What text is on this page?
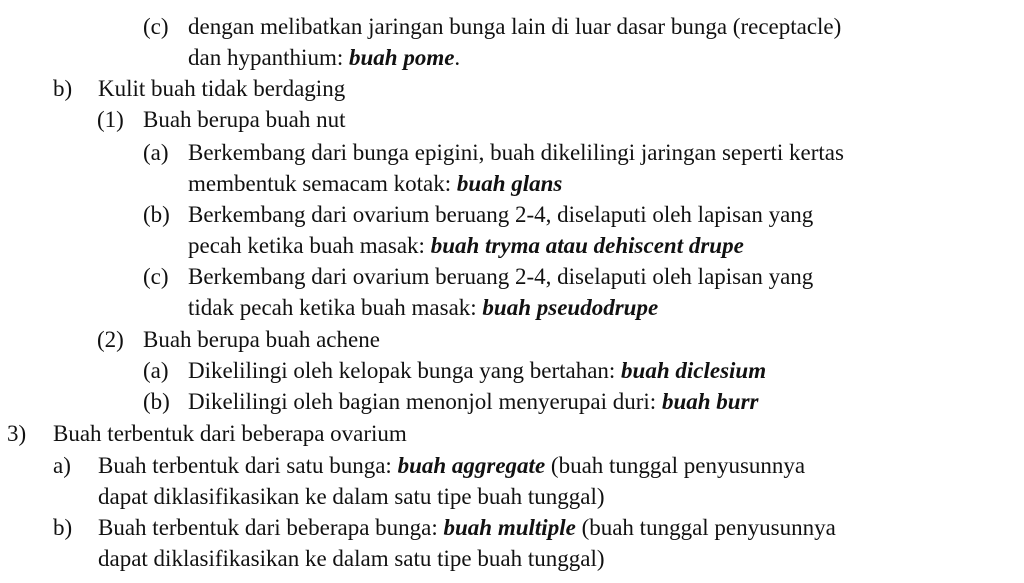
(c) dengan melibatkan jaringan bunga lain di luar dasar bunga (receptacle)
dan hypanthium: buah pome.
b) Kulit buah tidak berdaging
(1) Buah berupa buah nut
(a) Berkembang dari bunga epigini, buah dikelilingi jaringan seperti kertas
membentuk semacam kotak: buah glans
(b) Berkembang dari ovarium beruang 2-4, diselaputi oleh lapisan yang
pecah ketika buah masak: buah tryma atau dehiscent drupe
(c) Berkembang dari ovarium beruang 2-4, diselaputi oleh lapisan yang
tidak pecah ketika buah masak: buah pseudodrupe
(2) Buah berupa buah achene
(a) Dikelilingi oleh kelopak bunga yang bertahan: buah diclesium
(b) Dikelilingi oleh bagian menonjol menyerupai duri: buah burr
3) Buah terbentuk dari beberapa ovarium
a) Buah terbentuk dari satu bunga: buah aggregate (buah tunggal penyusunnya
dapat diklasifikasikan ke dalam satu tipe buah tunggal)
b) Buah terbentuk dari beberapa bunga: buah multiple (buah tunggal penyusunnya
dapat diklasifikasikan ke dalam satu tipe buah tunggal)
